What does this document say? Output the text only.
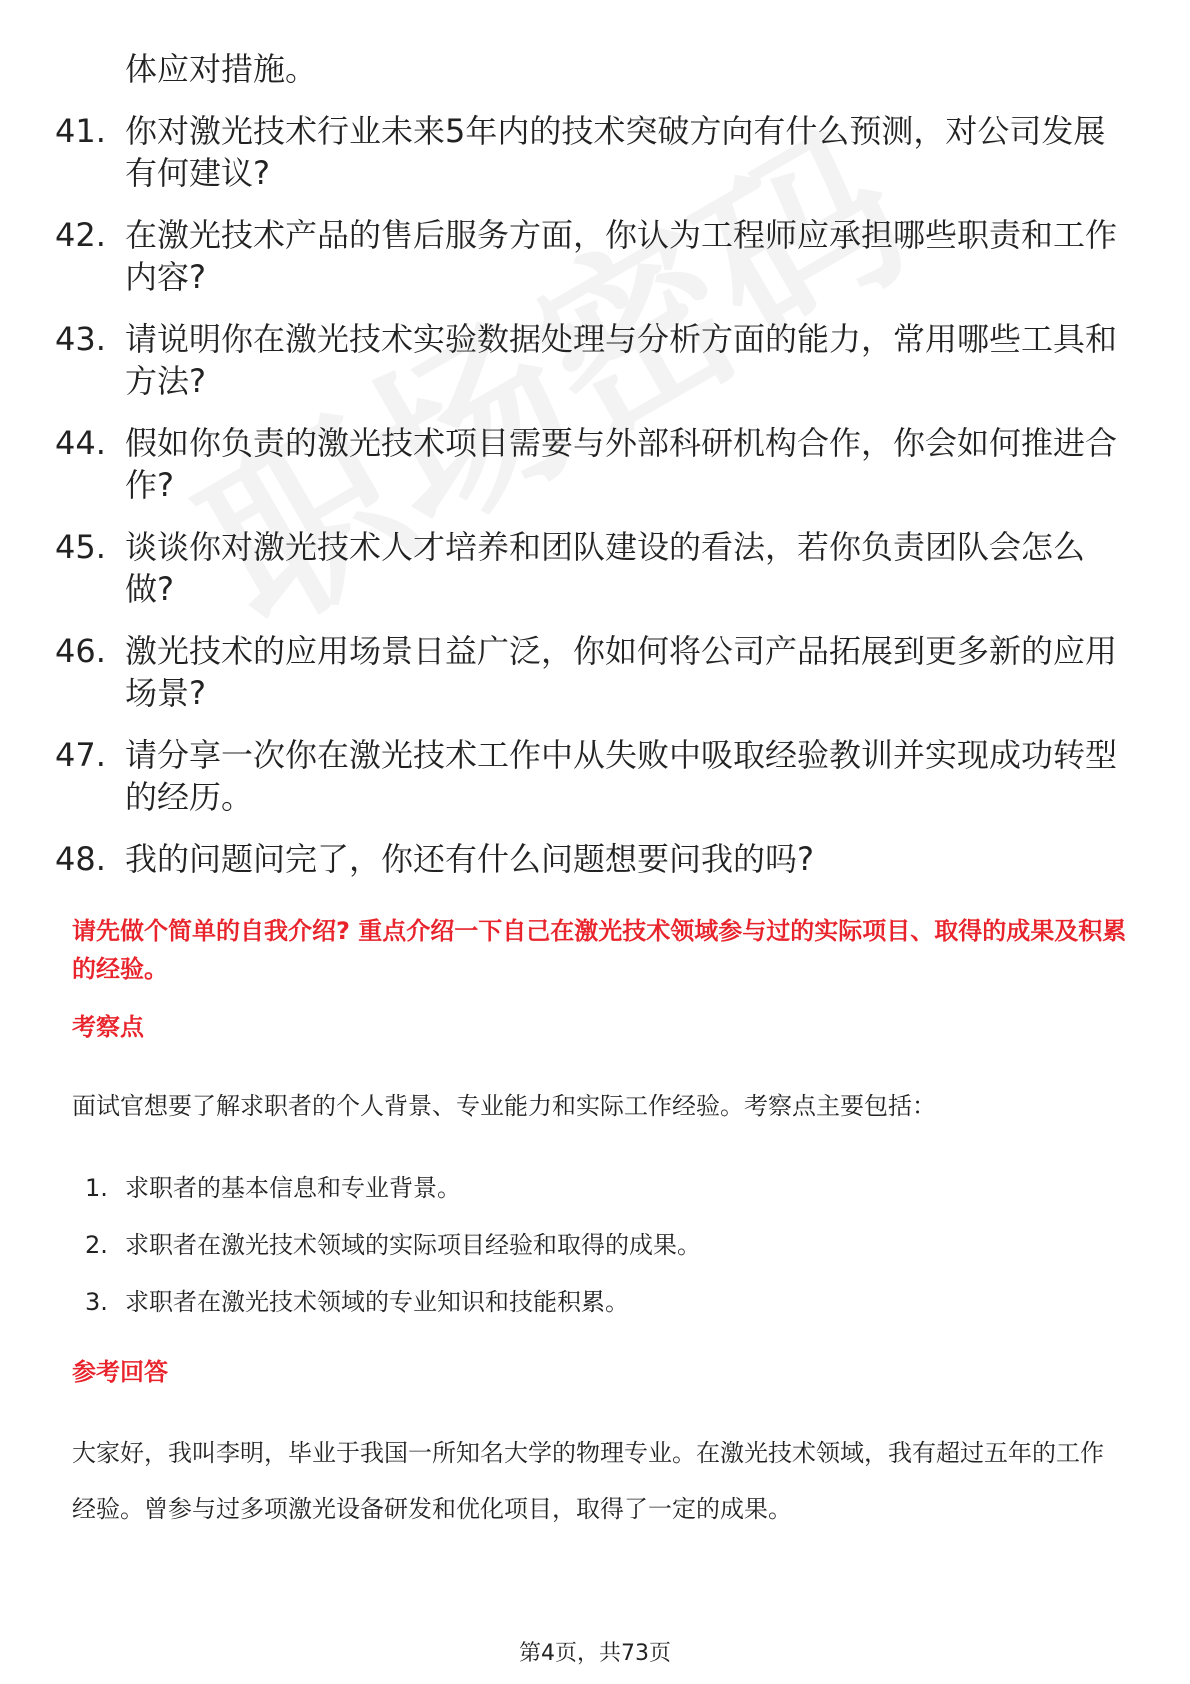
体应对措施。
41. 你对激光技术行业未来5年内的技术突破方向有什么预测，对公司发展有何建议?
42. 在激光技术产品的售后服务方面，你认为工程师应承担哪些职责和工作内容?
43. 请说明你在激光技术实验数据处理与分析方面的能力，常用哪些工具和方法?
44. 假如你负责的激光技术项目需要与外部科研机构合作，你会如何推进合作?
45. 谈谈你对激光技术人才培养和团队建设的看法，若你负责团队会怎么做?
46. 激光技术的应用场景日益广泛，你如何将公司产品拓展到更多新的应用场景?
47. 请分享一次你在激光技术工作中从失败中吸取经验教训并实现成功转型的经历。
48. 我的问题问完了，你还有什么问题想要问我的吗?
请先做个简单的自我介绍? 重点介绍一下自己在激光技术领域参与过的实际项目、取得的成果及积累的经验。
考察点
面试官想要了解求职者的个人背景、专业能力和实际工作经验。考察点主要包括：
1. 求职者的基本信息和专业背景。
2. 求职者在激光技术领域的实际项目经验和取得的成果。
3. 求职者在激光技术领域的专业知识和技能积累。
参考回答
大家好，我叫李明，毕业于我国一所知名大学的物理专业。在激光技术领域，我有超过五年的工作经验。曾参与过多项激光设备研发和优化项目，取得了一定的成果。
第4页，共73页
